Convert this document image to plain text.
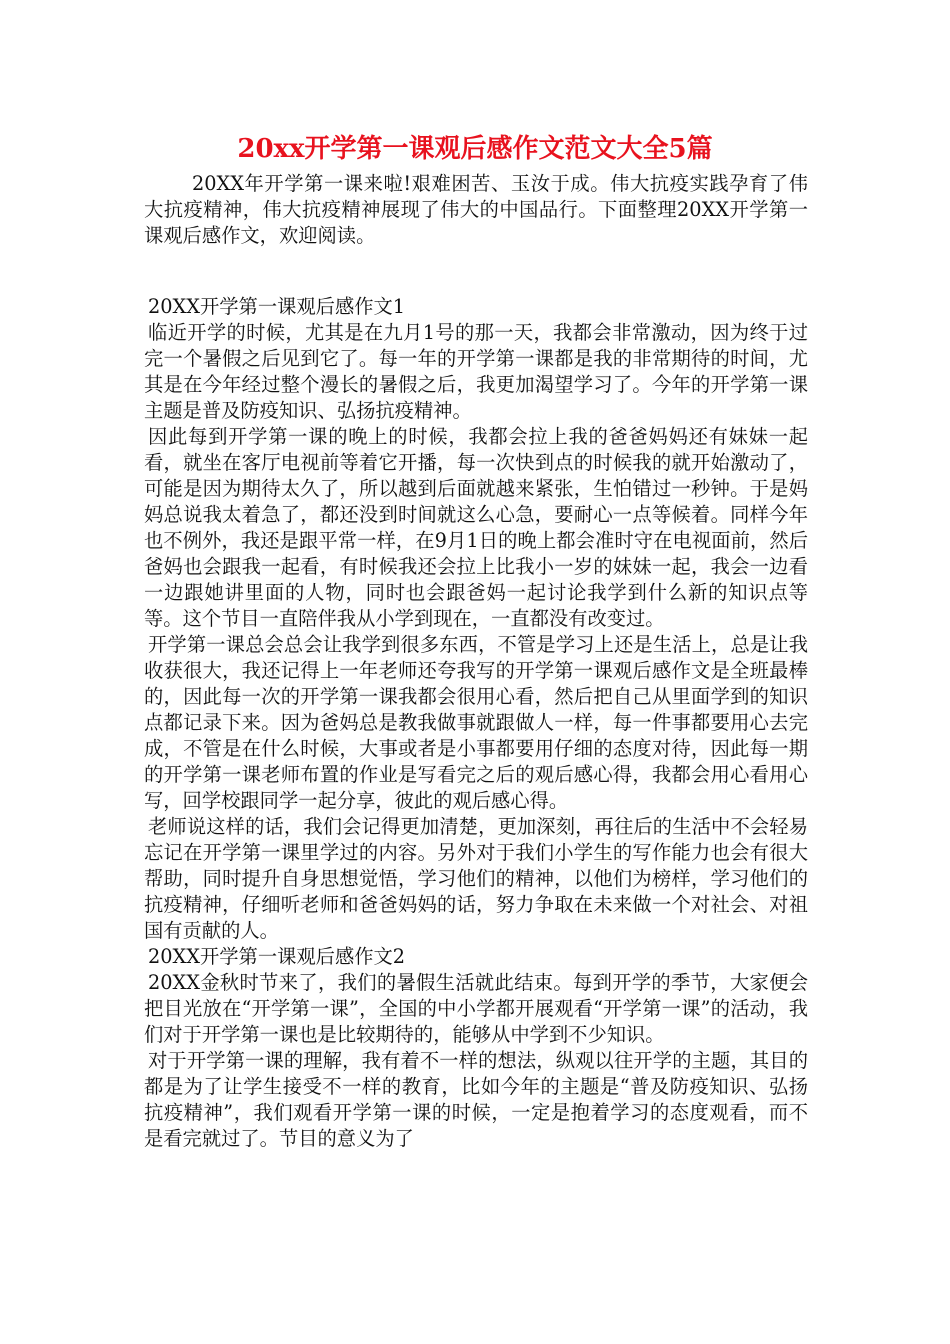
20xx开学第一课观后感作文范文大全5篇

20XX年开学第一课来啦!艰难困苦、玉汝于成。伟大抗疫实践孕育了伟大抗疫精神，伟大抗疫精神展现了伟大的中国品行。下面整理20XX开学第一课观后感作文，欢迎阅读。

20XX开学第一课观后感作文1

临近开学的时候，尤其是在九月1号的那一天，我都会非常激动，因为终于过完一个暑假之后见到它了。每一年的开学第一课都是我的非常期待的时间，尤其是在今年经过整个漫长的暑假之后，我更加渴望学习了。今年的开学第一课主题是普及防疫知识、弘扬抗疫精神。

因此每到开学第一课的晚上的时候，我都会拉上我的爸爸妈妈还有妹妹一起看，就坐在客厅电视前等着它开播，每一次快到点的时候我的就开始激动了，可能是因为期待太久了，所以越到后面就越来紧张，生怕错过一秒钟。于是妈妈总说我太着急了，都还没到时间就这么心急，要耐心一点等候着。同样今年也不例外，我还是跟平常一样，在9月1日的晚上都会准时守在电视面前，然后爸妈也会跟我一起看，有时候我还会拉上比我小一岁的妹妹一起，我会一边看一边跟她讲里面的人物，同时也会跟爸妈一起讨论我学到什么新的知识点等等。这个节目一直陪伴我从小学到现在，一直都没有改变过。

开学第一课总会总会让我学到很多东西，不管是学习上还是生活上，总是让我收获很大，我还记得上一年老师还夸我写的开学第一课观后感作文是全班最棒的，因此每一次的开学第一课我都会很用心看，然后把自己从里面学到的知识点都记录下来。因为爸妈总是教我做事就跟做人一样，每一件事都要用心去完成，不管是在什么时候，大事或者是小事都要用仔细的态度对待，因此每一期的开学第一课老师布置的作业是写看完之后的观后感心得，我都会用心看用心写，回学校跟同学一起分享，彼此的观后感心得。

老师说这样的话，我们会记得更加清楚，更加深刻，再往后的生活中不会轻易忘记在开学第一课里学过的内容。另外对于我们小学生的写作能力也会有很大帮助，同时提升自身思想觉悟，学习他们的精神，以他们为榜样，学习他们的抗疫精神，仔细听老师和爸爸妈妈的话，努力争取在未来做一个对社会、对祖国有贡献的人。

20XX开学第一课观后感作文2

20XX金秋时节来了，我们的暑假生活就此结束。每到开学的季节，大家便会把目光放在“开学第一课”，全国的中小学都开展观看“开学第一课”的活动，我们对于开学第一课也是比较期待的，能够从中学到不少知识。

对于开学第一课的理解，我有着不一样的想法，纵观以往开学的主题，其目的都是为了让学生接受不一样的教育，比如今年的主题是“普及防疫知识、弘扬抗疫精神”，我们观看开学第一课的时候，一定是抱着学习的态度观看，而不是看完就过了。节目的意义为了
